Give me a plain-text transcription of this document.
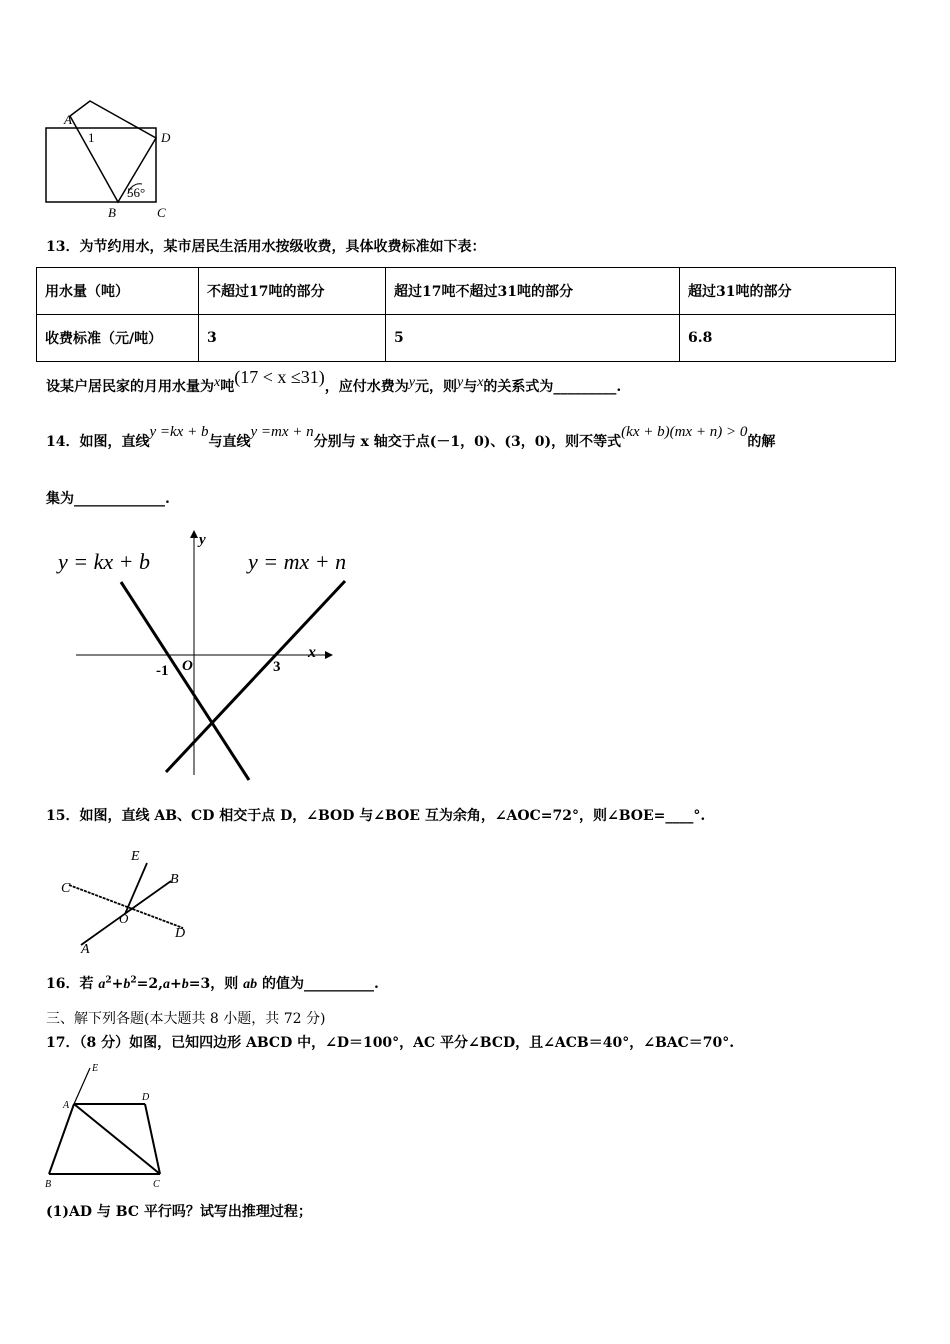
A
1	D
56°
B	C
13．为节约用水，某市居民生活用水按级收费，具体收费标准如下表：
用水量（吨）	不超过17吨的部分	超过17吨不超过31吨的部分	超过31吨的部分
收费标准（元/吨）	3	5	6.8
设某户居民家的月用水量为x吨(17 < x ≤31)，应付水费为y元，则y与x的关系式为_________.
14．如图，直线y =kx + b与直线y =mx + n分别与 x 轴交于点(－1，0)、(3，0)，则不等式(kx + b)(mx + n) > 0的解
集为_____________.
y = kx + b	y = mx + n
y
x
O
-1	3
15．如图，直线 AB、CD 相交于点 D，∠BOD 与∠BOE 互为余角，∠AOC=72°，则∠BOE=____°.
E
B
C
O
D
A
16．若 $a^2+b^2=2,a+b=3$，则 ab 的值为__________.
三、解下列各题(本大题共 8 小题，共 72 分)
17．（8 分）如图，已知四边形 ABCD 中，∠D＝100°，AC 平分∠BCD，且∠ACB＝40°，∠BAC＝70°.
E
A
D
B	C
(1)AD 与 BC 平行吗？试写出推理过程；
